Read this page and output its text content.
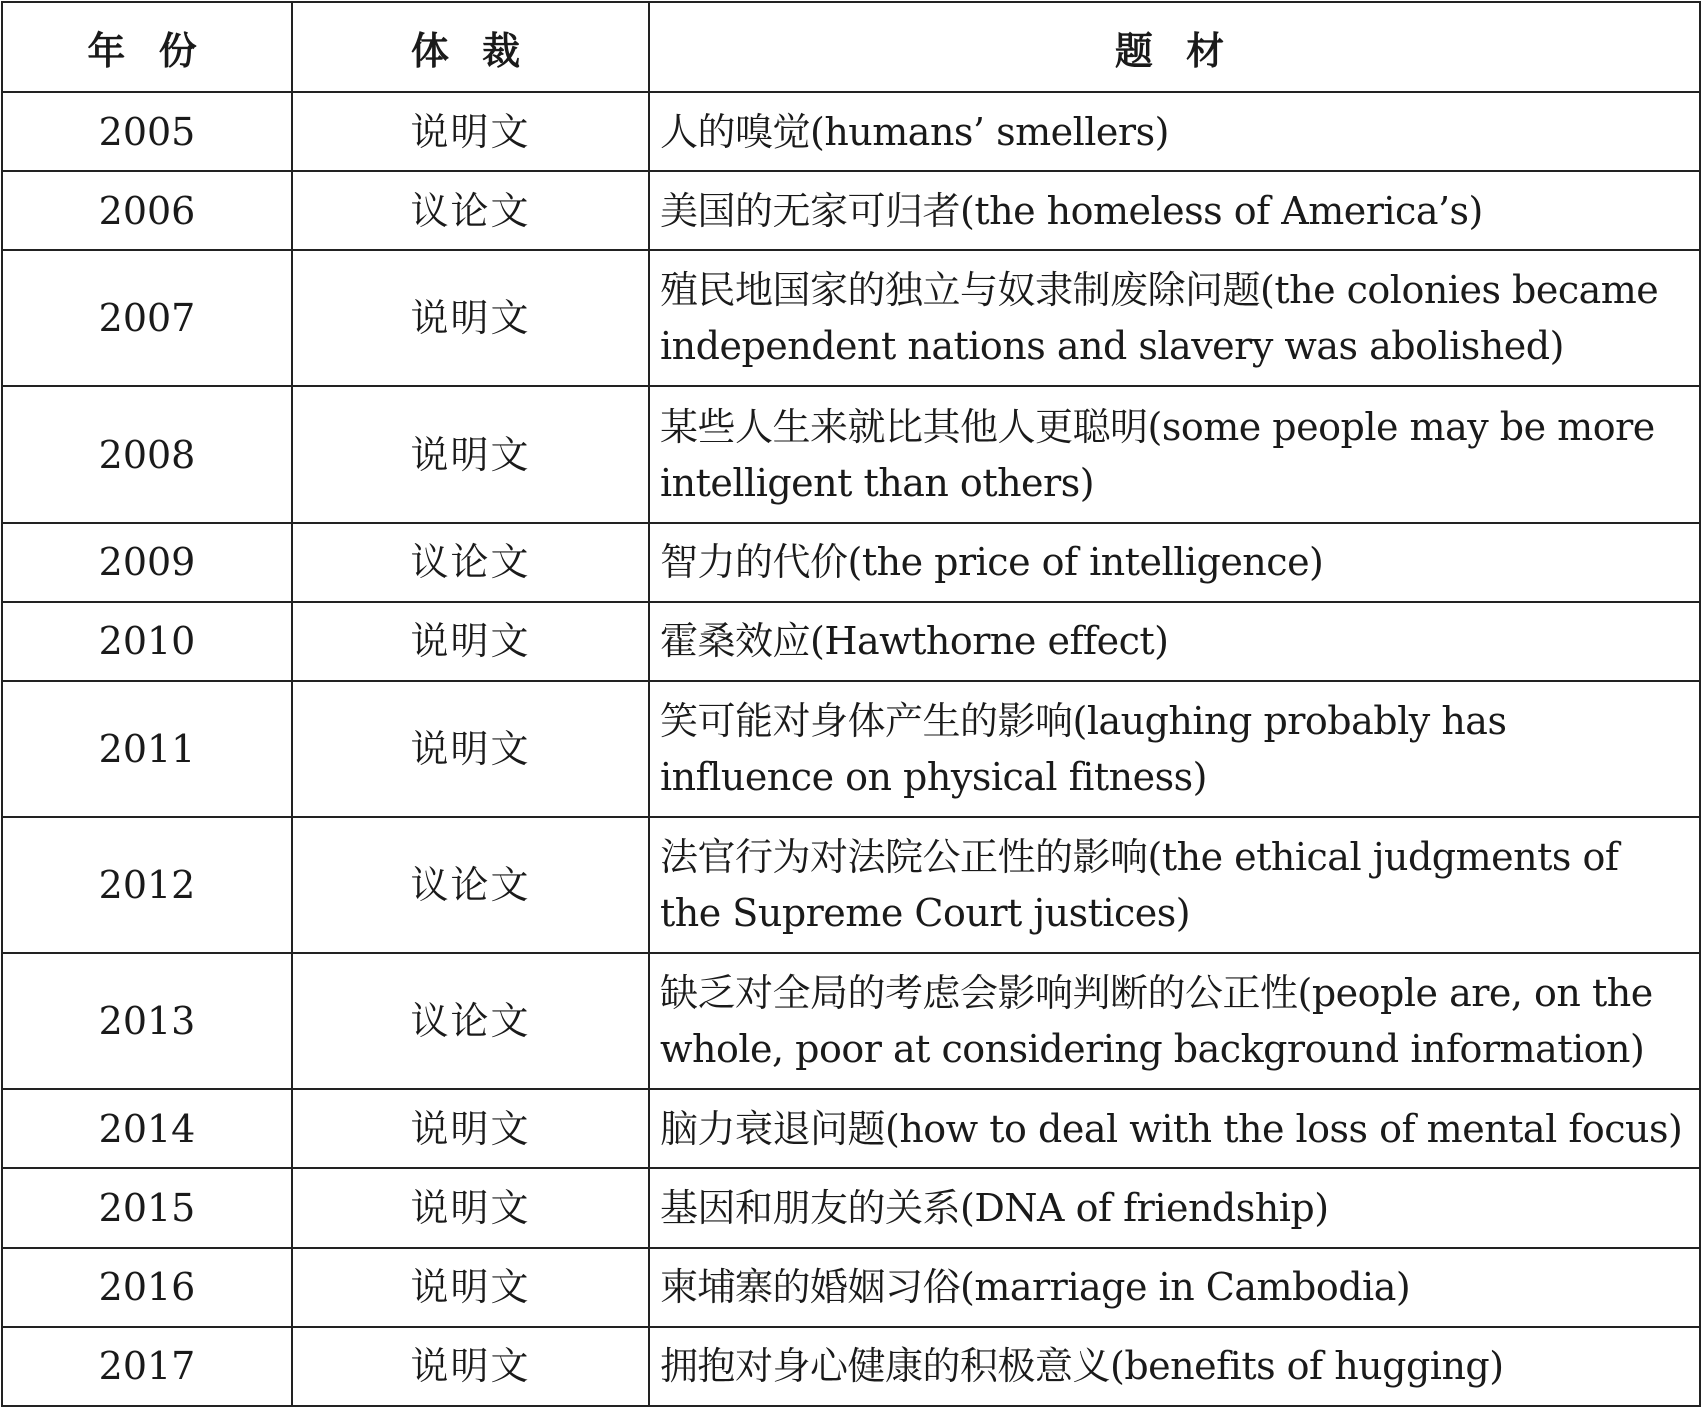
年 份	体 裁	题 材
2005	说明文	人的嗅觉(humans’ smellers)
2006	议论文	美国的无家可归者(the homeless of America’s)
2007	说明文	殖民地国家的独立与奴隶制废除问题(the colonies became independent nations and slavery was abolished)
2008	说明文	某些人生来就比其他人更聪明(some people may be more intelligent than others)
2009	议论文	智力的代价(the price of intelligence)
2010	说明文	霍桑效应(Hawthorne effect)
2011	说明文	笑可能对身体产生的影响(laughing probably has influence on physical fitness)
2012	议论文	法官行为对法院公正性的影响(the ethical judgments of the Supreme Court justices)
2013	议论文	缺乏对全局的考虑会影响判断的公正性(people are, on the whole, poor at considering background information)
2014	说明文	脑力衰退问题(how to deal with the loss of mental focus)
2015	说明文	基因和朋友的关系(DNA of friendship)
2016	说明文	柬埔寨的婚姻习俗(marriage in Cambodia)
2017	说明文	拥抱对身心健康的积极意义(benefits of hugging)
